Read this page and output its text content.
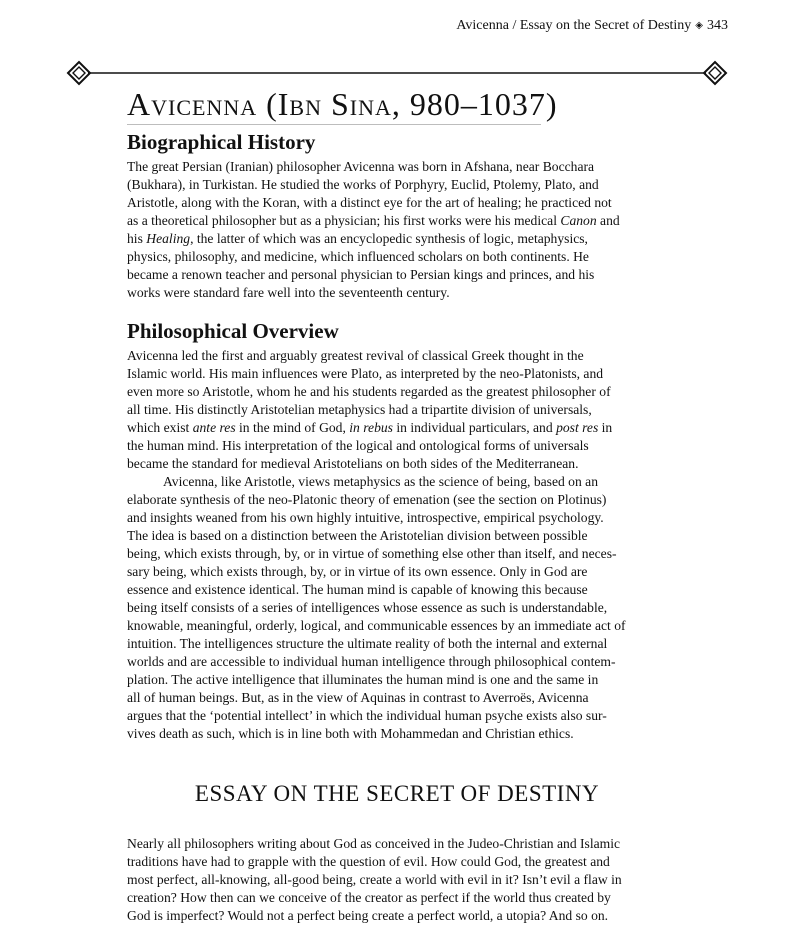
Avicenna / Essay on the Secret of Destiny ◈ 343
Avicenna (Ibn Sina, 980–1037)
Biographical History

The great Persian (Iranian) philosopher Avicenna was born in Afshana, near Bocchara
(Bukhara), in Turkistan. He studied the works of Porphyry, Euclid, Ptolemy, Plato, and
Aristotle, along with the Koran, with a distinct eye for the art of healing; he practiced not
as a theoretical philosopher but as a physician; his first works were his medical Canon and
his Healing, the latter of which was an encyclopedic synthesis of logic, metaphysics,
physics, philosophy, and medicine, which influenced scholars on both continents. He
became a renown teacher and personal physician to Persian kings and princes, and his
works were standard fare well into the seventeenth century.

Philosophical Overview

Avicenna led the first and arguably greatest revival of classical Greek thought in the
Islamic world. His main influences were Plato, as interpreted by the neo-Platonists, and
even more so Aristotle, whom he and his students regarded as the greatest philosopher of
all time. His distinctly Aristotelian metaphysics had a tripartite division of universals,
which exist ante res in the mind of God, in rebus in individual particulars, and post res in
the human mind. His interpretation of the logical and ontological forms of universals
became the standard for medieval Aristotelians on both sides of the Mediterranean.

Avicenna, like Aristotle, views metaphysics as the science of being, based on an
elaborate synthesis of the neo-Platonic theory of emenation (see the section on Plotinus)
and insights weaned from his own highly intuitive, introspective, empirical psychology.
The idea is based on a distinction between the Aristotelian division between possible
being, which exists through, by, or in virtue of something else other than itself, and neces-
sary being, which exists through, by, or in virtue of its own essence. Only in God are
essence and existence identical. The human mind is capable of knowing this because
being itself consists of a series of intelligences whose essence as such is understandable,
knowable, meaningful, orderly, logical, and communicable essences by an immediate act of
intuition. The intelligences structure the ultimate reality of both the internal and external
worlds and are accessible to individual human intelligence through philosophical contem-
plation. The active intelligence that illuminates the human mind is one and the same in
all of human beings. But, as in the view of Aquinas in contrast to Averroës, Avicenna
argues that the ‘potential intellect’ in which the individual human psyche exists also sur-
vives death as such, which is in line both with Mohammedan and Christian ethics.

ESSAY ON THE SECRET OF DESTINY

Nearly all philosophers writing about God as conceived in the Judeo-Christian and Islamic
traditions have had to grapple with the question of evil. How could God, the greatest and
most perfect, all-knowing, all-good being, create a world with evil in it? Isn’t evil a flaw in
creation? How then can we conceive of the creator as perfect if the world thus created by
God is imperfect? Would not a perfect being create a perfect world, a utopia? And so on.
